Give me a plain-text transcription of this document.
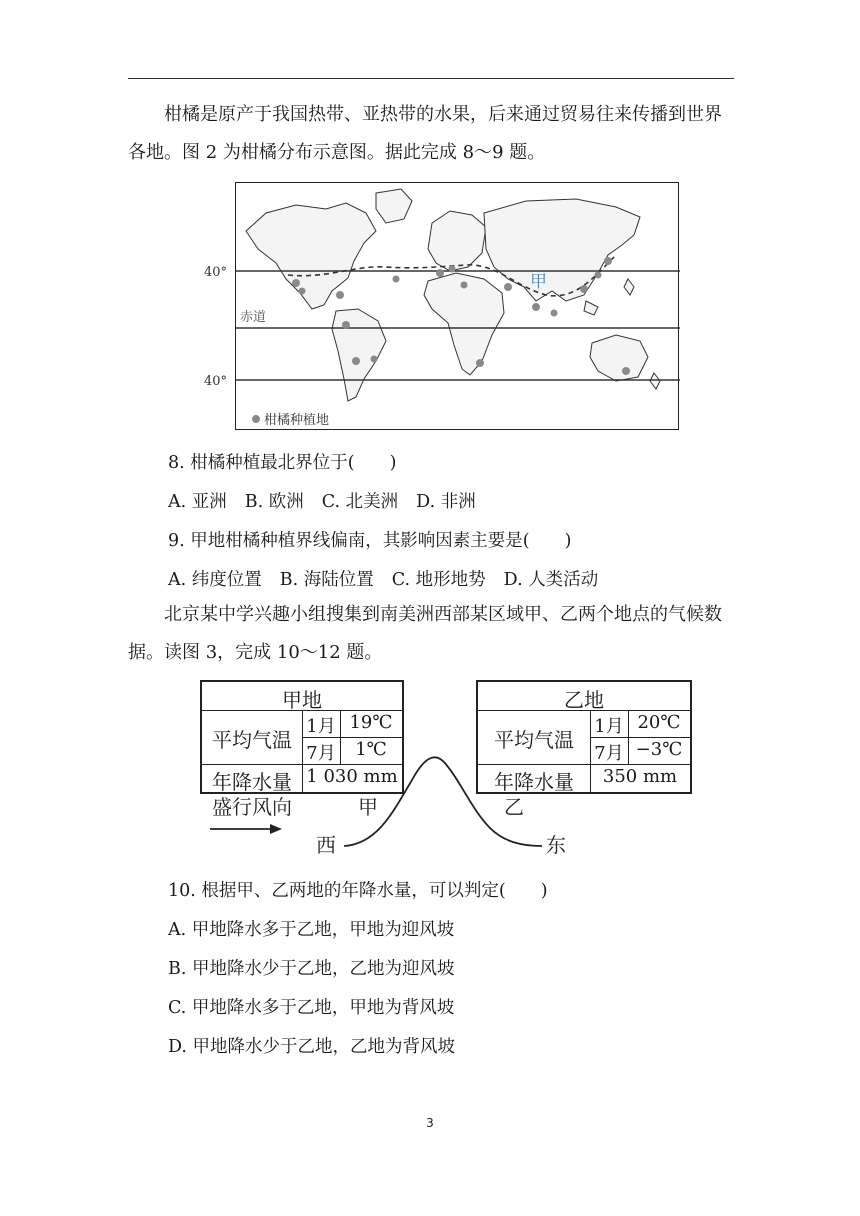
柑橘是原产于我国热带、亚热带的水果，后来通过贸易往来传播到世界各地。图 2 为柑橘分布示意图。据此完成 8～9 题。

40°
赤道
40°
甲
柑橘种植地
8. 柑橘种植最北界位于(　　)
A. 亚洲 B. 欧洲 C. 北美洲 D. 非洲
9. 甲地柑橘种植界线偏南，其影响因素主要是(　　)
A. 纬度位置 B. 海陆位置 C. 地形地势 D. 人类活动

北京某中学兴趣小组搜集到南美洲西部某区域甲、乙两个地点的气候数据。读图 3，完成 10～12 题。

甲地
平均气温
1月 19℃
7月	1℃
年降水量 1 030 mm
乙地
平均气温
1月 20℃
7月 −3℃
年降水量	350 mm
盛行风向	甲	乙
西	东
10. 根据甲、乙两地的年降水量，可以判定(　　)
A. 甲地降水多于乙地，甲地为迎风坡
B. 甲地降水少于乙地，乙地为迎风坡
C. 甲地降水多于乙地，甲地为背风坡
D. 甲地降水少于乙地，乙地为背风坡
3
